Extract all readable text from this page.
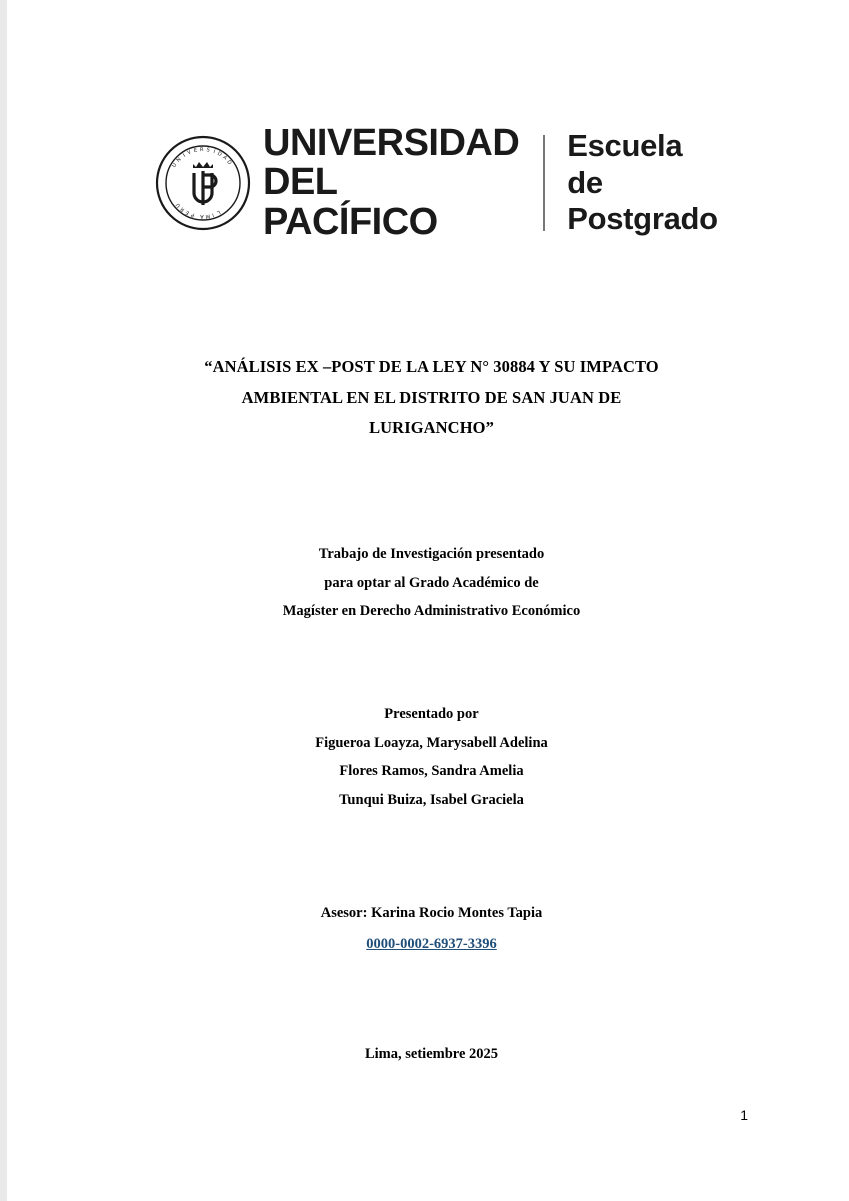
U
N
I V E R S I D
A
D
L
I
M
A
P
E
R
Ú
UNIVERSIDAD
DEL PACÍFICO
Escuela de
Postgrado
“ANÁLISIS EX –POST DE LA LEY N° 30884 Y SU IMPACTO
AMBIENTAL EN EL DISTRITO DE SAN JUAN DE
LURIGANCHO”
Trabajo de Investigación presentado
para optar al Grado Académico de
Magíster en Derecho Administrativo Económico
Presentado por
Figueroa Loayza, Marysabell Adelina
Flores Ramos, Sandra Amelia
Tunqui Buiza, Isabel Graciela
Asesor: Karina Rocio Montes Tapia
0000-0002-6937-3396
Lima, setiembre 2025
1
